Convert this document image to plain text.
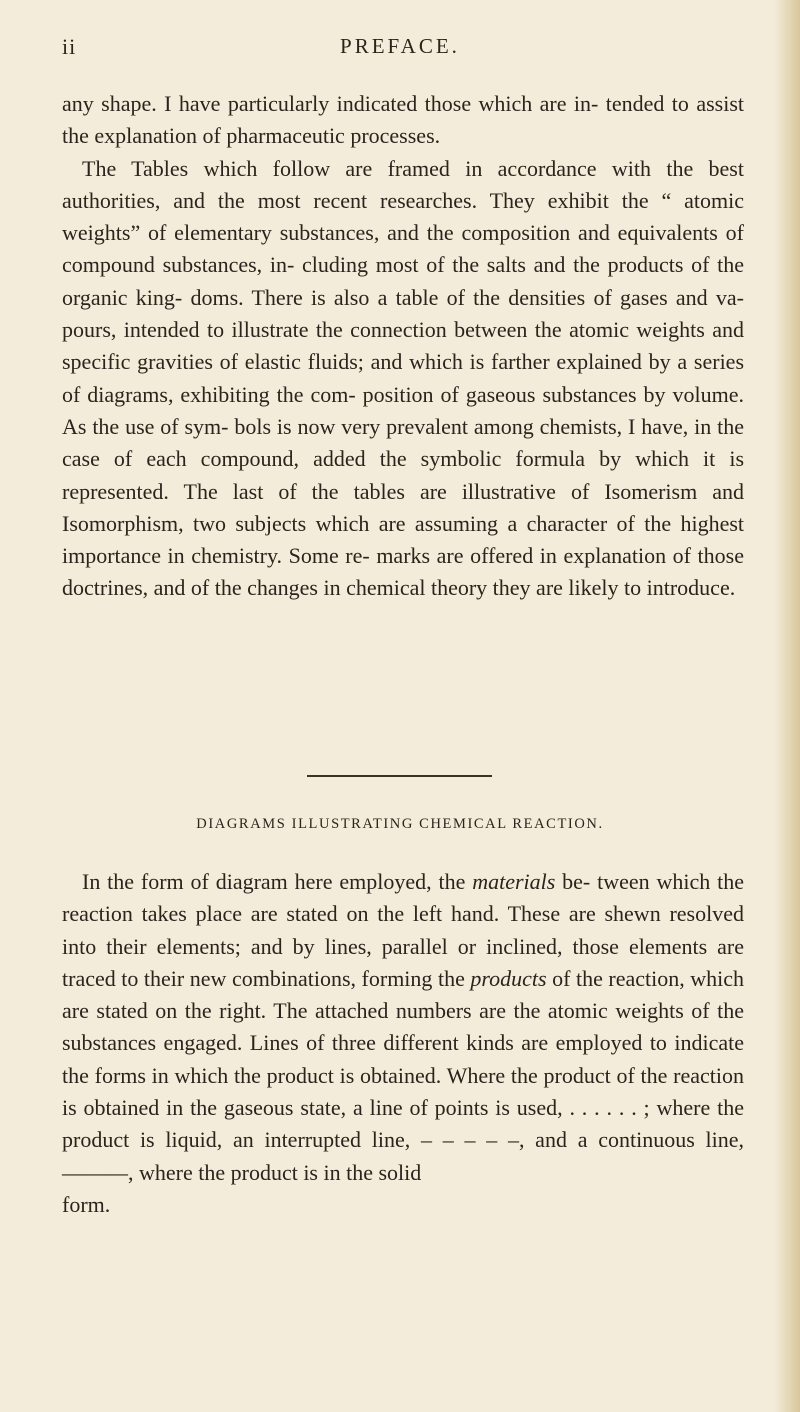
ii	PREFACE.

any shape. I have particularly indicated those which are in- tended to assist the explanation of pharmaceutic processes.

The Tables which follow are framed in accordance with the best authorities, and the most recent researches. They exhibit the “ atomic weights” of elementary substances, and the composition and equivalents of compound substances, in- cluding most of the salts and the products of the organic king- doms. There is also a table of the densities of gases and va- pours, intended to illustrate the connection between the atomic weights and specific gravities of elastic fluids; and which is farther explained by a series of diagrams, exhibiting the com- position of gaseous substances by volume. As the use of sym- bols is now very prevalent among chemists, I have, in the case of each compound, added the symbolic formula by which it is represented. The last of the tables are illustrative of Isomerism and Isomorphism, two subjects which are assuming a character of the highest importance in chemistry. Some re- marks are offered in explanation of those doctrines, and of the changes in chemical theory they are likely to introduce.

DIAGRAMS ILLUSTRATING CHEMICAL REACTION.

In the form of diagram here employed, the materials be- tween which the reaction takes place are stated on the left hand. These are shewn resolved into their elements; and by lines, parallel or inclined, those elements are traced to their new combinations, forming the products of the reaction, which are stated on the right. The attached numbers are the atomic weights of the substances engaged. Lines of three different kinds are employed to indicate the forms in which the product is obtained. Where the product of the reaction is obtained in the gaseous state, a line of points is used, . . . . . . ; where the product is liquid, an interrupted line, – – – – –, and a continuous line, ———, where the product is in the solid

form.
